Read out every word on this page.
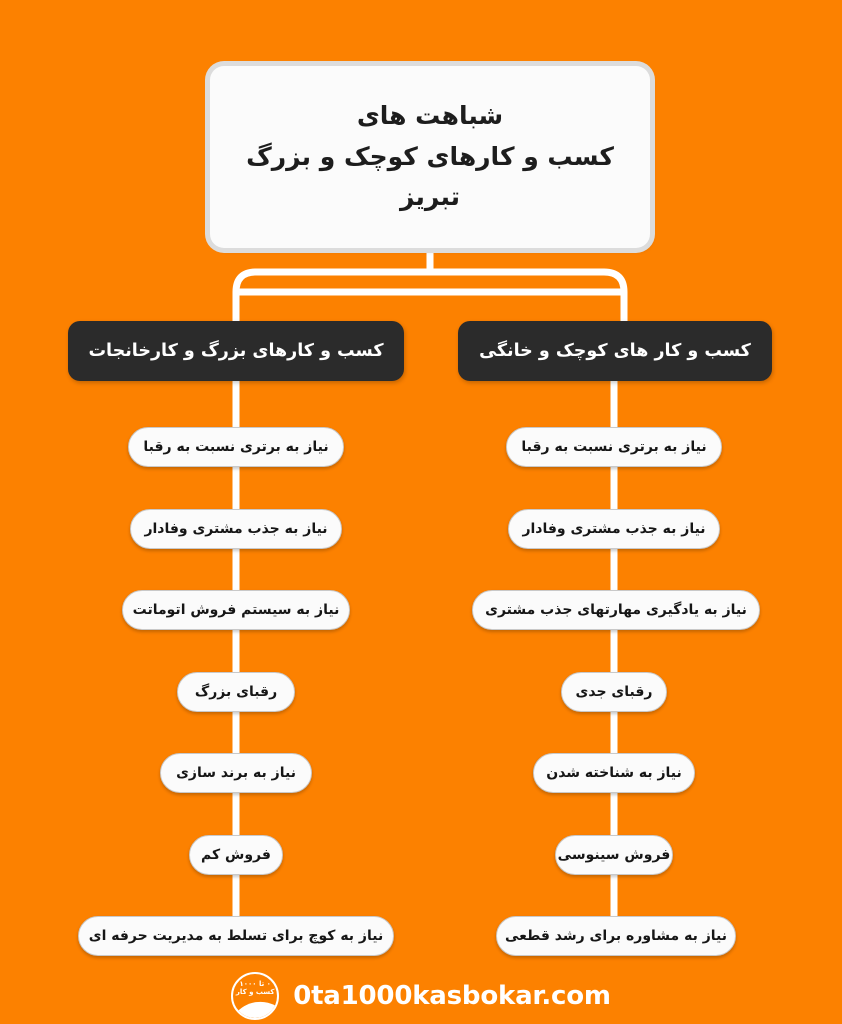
شباهت های
کسب و کارهای کوچک و بزرگ
تبریز
کسب و کارهای بزرگ و کارخانجات	کسب و کار های کوچک و خانگی
نیاز به برتری نسبت به رقبا
نیاز به جذب مشتری وفادار
نیاز به سیستم فروش اتوماتت
رقبای بزرگ
نیاز به برند سازی
فروش کم
نیاز به کوچ برای تسلط به مدیریت حرفه ای
نیاز به برتری نسبت به رقبا
نیاز به جذب مشتری وفادار
نیاز به یادگیری مهارتهای جذب مشتری
رقبای جدی
نیاز به شناخته شدن
فروش سینوسی
نیاز به مشاوره برای رشد قطعی
۰ تا ۱۰۰۰
کسب و کار 0ta1000kasbokar.com
